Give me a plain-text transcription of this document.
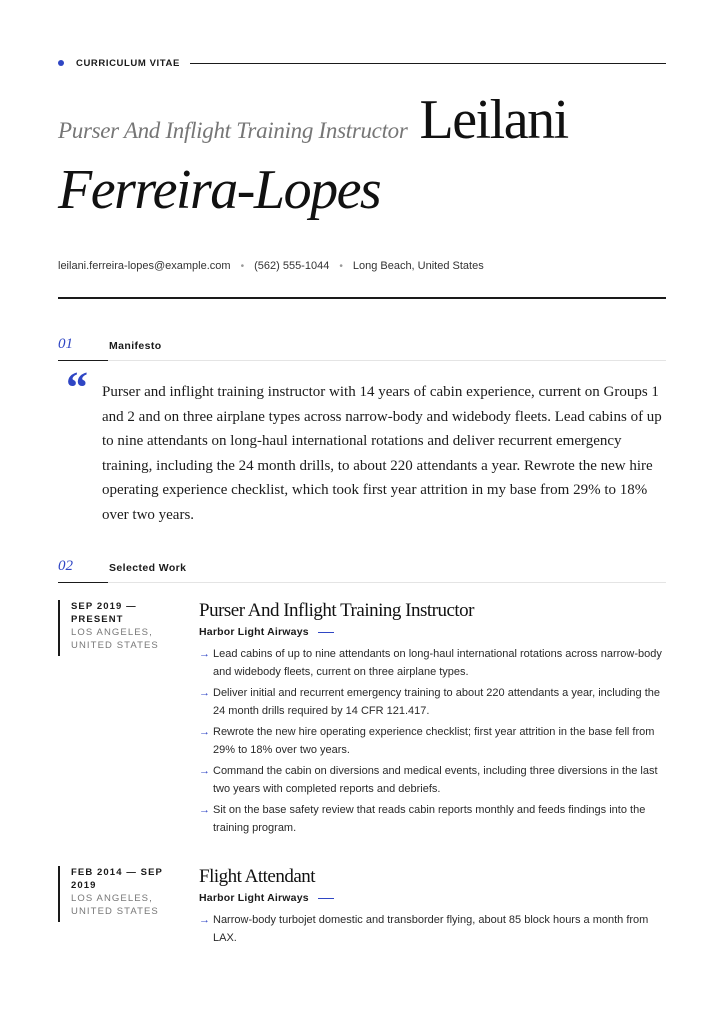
CURRICULUM VITAE
Purser And Inflight Training Instructor Leilani
Ferreira-Lopes
leilani.ferreira-lopes@example.com • (562) 555-1044 • Long Beach, United States
01	Manifesto
“ Purser and inflight training instructor with 14 years of cabin experience, current on Groups 1 and 2 and on three airplane types across narrow-body and widebody fleets. Lead cabins of up to nine attendants on long-haul international rotations and deliver recurrent emergency training, including the 24 month drills, to about 220 attendants a year. Rewrote the new hire operating experience checklist, which took first year attrition in my base from 29% to 18% over two years.

02	Selected Work
SEP 2019 — PRESENT
LOS ANGELES, UNITED STATES
Purser And Inflight Training Instructor
Harbor Light Airways
→ Lead cabins of up to nine attendants on long-haul international rotations across narrow-body and widebody fleets, current on three airplane types.
→ Deliver initial and recurrent emergency training to about 220 attendants a year, including the 24 month drills required by 14 CFR 121.417.
→ Rewrote the new hire operating experience checklist; first year attrition in the base fell from 29% to 18% over two years.
→ Command the cabin on diversions and medical events, including three diversions in the last two years with completed reports and debriefs.
→ Sit on the base safety review that reads cabin reports monthly and feeds findings into the training program.
FEB 2014 — SEP 2019
LOS ANGELES, UNITED STATES
Flight Attendant
Harbor Light Airways
→ Narrow-body turbojet domestic and transborder flying, about 85 block hours a month from LAX.
